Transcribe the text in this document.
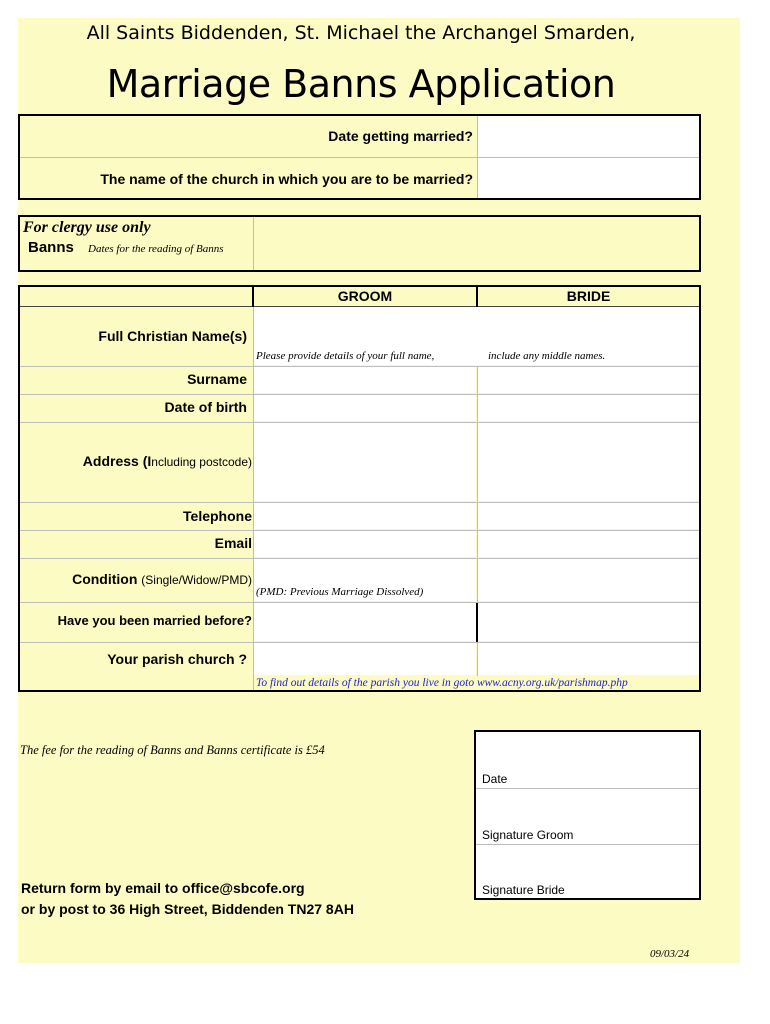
All Saints Biddenden, St. Michael the Archangel Smarden,
Marriage Banns Application
Date getting married?
The name of the church in which you are to be married?
For clergy use only
Banns Dates for the reading of Banns
GROOM	BRIDE
Full Christian Name(s)
Please provide details of your full name,	include any middle names.
Surname
Date of birth
Address (Including postcode)
Telephone
Email
Condition (Single/Widow/PMD)
(PMD: Previous Marriage Dissolved)
Have you been married before?
Your parish church ?
To find out details of the parish you live in goto www.acny.org.uk/parishmap.php
The fee for the reading of Banns and Banns certificate is £54
Date
Signature Groom
Signature Bride
Return form by email to office@sbcofe.org
or by post to 36 High Street, Biddenden TN27 8AH
09/03/24
